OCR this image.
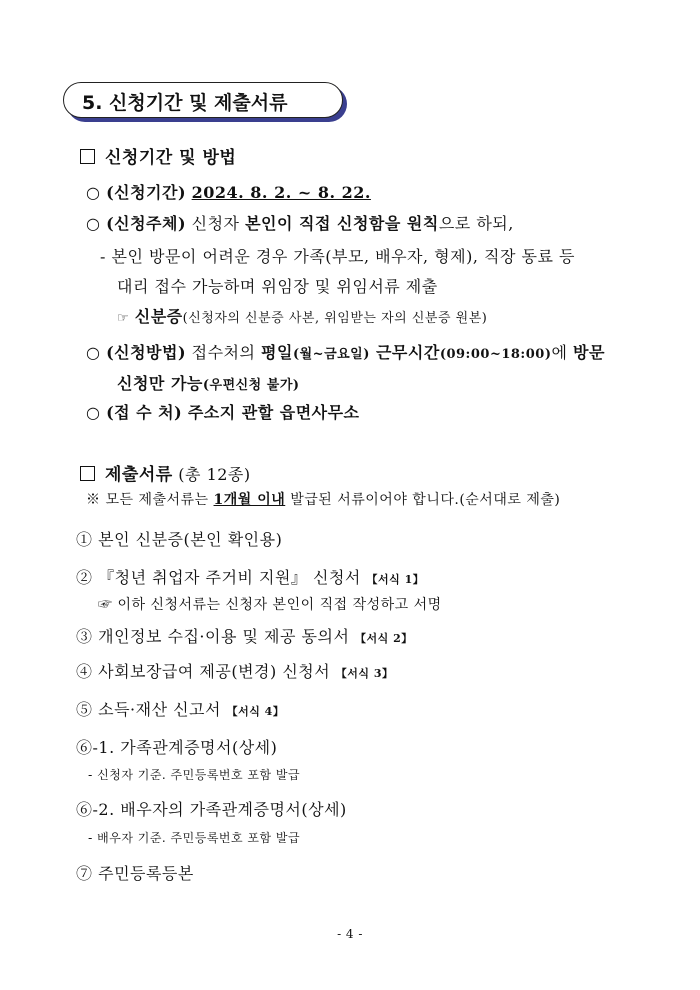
5. 신청기간 및 제출서류
신청기간 및 방법
○ (신청기간) 2024. 8. 2. ~ 8. 22.
○ (신청주체) 신청자 본인이 직접 신청함을 원칙으로 하되,
- 본인 방문이 어려운 경우 가족(부모, 배우자, 형제), 직장 동료 등
대리 접수 가능하며 위임장 및 위임서류 제출
☞ 신분증(신청자의 신분증 사본, 위임받는 자의 신분증 원본)
○ (신청방법) 접수처의 평일(월~금요일) 근무시간(09:00~18:00)에 방문
신청만 가능(우편신청 불가)
○ (접 수 처) 주소지 관할 읍면사무소
제출서류 (총 12종)
※ 모든 제출서류는 1개월 이내 발급된 서류이어야 합니다.(순서대로 제출)
① 본인 신분증(본인 확인용)
② 『청년 취업자 주거비 지원』 신청서 【서식 1】
☞ 이하 신청서류는 신청자 본인이 직접 작성하고 서명
③ 개인정보 수집·이용 및 제공 동의서 【서식 2】
④ 사회보장급여 제공(변경) 신청서 【서식 3】
⑤ 소득·재산 신고서 【서식 4】
⑥-1. 가족관계증명서(상세)
- 신청자 기준. 주민등록번호 포함 발급
⑥-2. 배우자의 가족관계증명서(상세)
- 배우자 기준. 주민등록번호 포함 발급
⑦ 주민등록등본
- 4 -
